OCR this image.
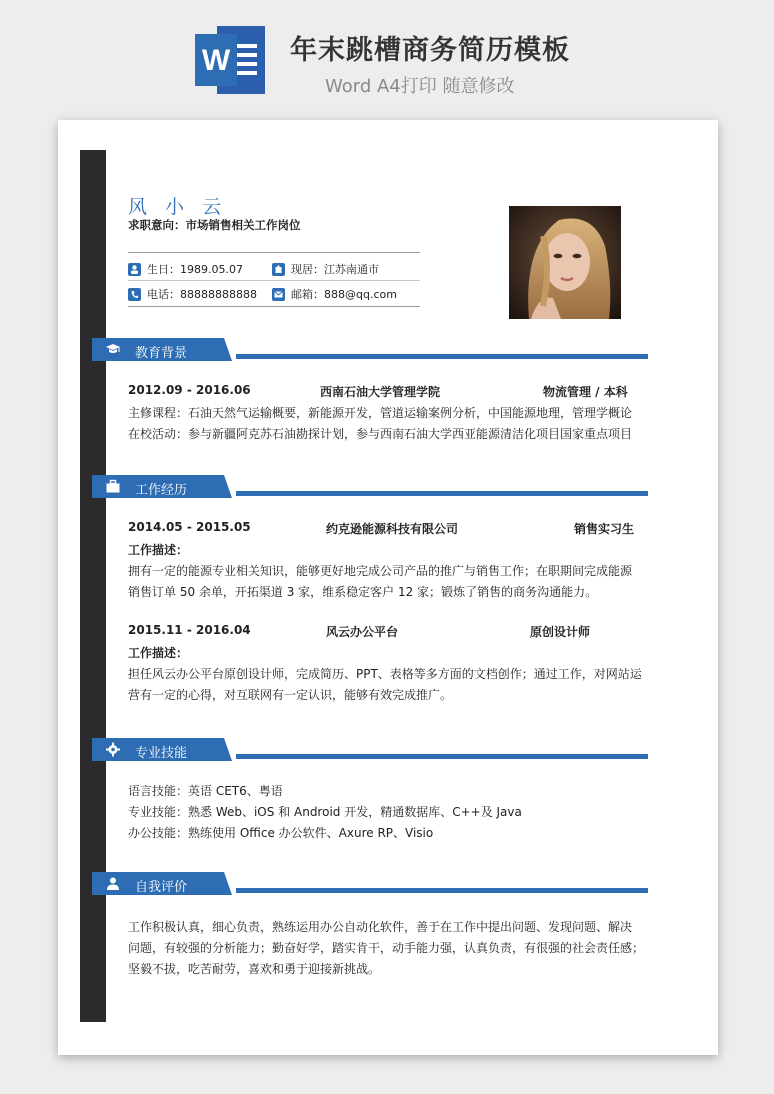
W 年末跳槽商务简历模板
Word A4打印 随意修改
风 小 云
求职意向：市场销售相关工作岗位
生日：1989.05.07	现居：江苏南通市
电话：88888888888	邮箱：888@qq.com
教育背景
2012.09 - 2016.06	西南石油大学管理学院	物流管理 / 本科
主修课程：石油天然气运输概要，新能源开发，管道运输案例分析，中国能源地理，管理学概论
在校活动：参与新疆阿克苏石油勘探计划，参与西南石油大学西亚能源清洁化项目国家重点项目
工作经历
2014.05 - 2015.05	约克逊能源科技有限公司	销售实习生
工作描述：
拥有一定的能源专业相关知识，能够更好地完成公司产品的推广与销售工作；在职期间完成能源
销售订单 50 余单，开拓渠道 3 家，维系稳定客户 12 家；锻炼了销售的商务沟通能力。
2015.11 - 2016.04	风云办公平台	原创设计师
工作描述：
担任风云办公平台原创设计师，完成简历、PPT、表格等多方面的文档创作；通过工作，对网站运
营有一定的心得，对互联网有一定认识，能够有效完成推广。
专业技能
语言技能：英语 CET6、粤语
专业技能：熟悉 Web、iOS 和 Android 开发，精通数据库、C++及 Java
办公技能：熟练使用 Office 办公软件、Axure RP、Visio
自我评价
工作积极认真，细心负责，熟练运用办公自动化软件，善于在工作中提出问题、发现问题、解决
问题，有较强的分析能力；勤奋好学，踏实肯干，动手能力强，认真负责，有很强的社会责任感；
坚毅不拔，吃苦耐劳，喜欢和勇于迎接新挑战。
